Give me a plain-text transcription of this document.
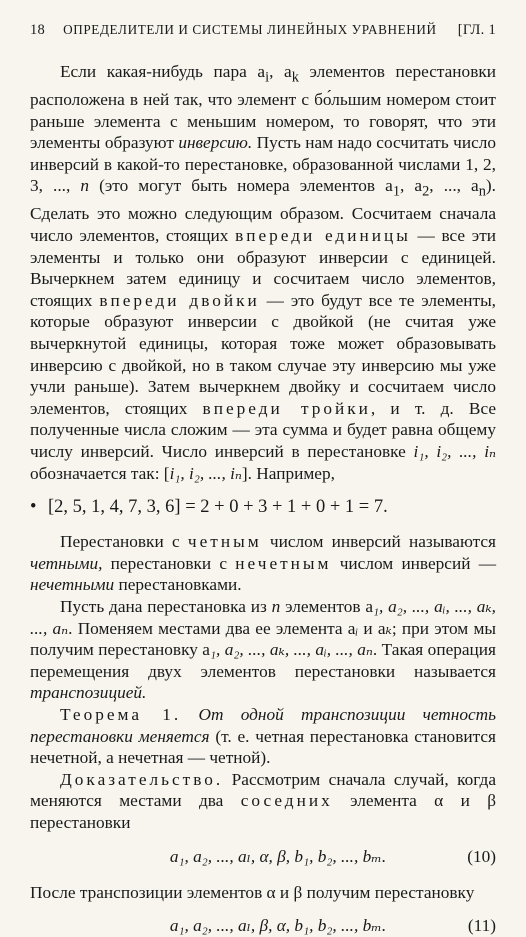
18 ОПРЕДЕЛИТЕЛИ И СИСТЕМЫ ЛИНЕЙНЫХ УРАВНЕНИЙ	[ГЛ. 1

Если какая-нибудь пара $a_i$, $a_k$ элементов перестановки расположена в ней так, что элемент с бо́льшим номером стоит раньше элемента с меньшим номером, то говорят, что эти элементы образуют инверсию. Пусть нам надо сосчитать число инверсий в какой-то перестановке, образованной числами 1, 2, 3, ..., n (это могут быть номера элементов $a_1$, $a_2$, ..., $a_n$). Сделать это можно следующим образом. Сосчитаем сначала число элементов, стоящих впереди единицы — все эти элементы и только они образуют инверсии с единицей. Вычеркнем затем единицу и сосчитаем число элементов, стоящих впереди двойки — это будут все те элементы, которые образуют инверсии с двойкой (не считая уже вычеркнутой единицы, которая тоже может образовывать инверсию с двойкой, но в таком случае эту инверсию мы уже учли раньше). Затем вычеркнем двойку и сосчитаем число элементов, стоящих впереди тройки, и т. д. Все полученные числа сложим — эта сумма и будет равна общему числу инверсий. Число инверсий в перестановке i₁, i₂, ..., iₙ обозначается так: [i₁, i₂, ..., iₙ]. Например,

• [2, 5, 1, 4, 7, 3, 6] = 2 + 0 + 3 + 1 + 0 + 1 = 7.

Перестановки с четным числом инверсий называются четными, перестановки с нечетным числом инверсий — нечетными перестановками.

Пусть дана перестановка из n элементов a₁, a₂, ..., aᵢ, ..., aₖ, ..., aₙ. Поменяем местами два ее элемента aᵢ и aₖ; при этом мы получим перестановку a₁, a₂, ..., aₖ, ..., aᵢ, ..., aₙ. Такая операция перемещения двух элементов перестановки называется транспозицией.

Теорема 1. От одной транспозиции четность перестановки меняется (т. е. четная перестановка становится нечетной, а нечетная — четной).

Доказательство. Рассмотрим сначала случай, когда меняются местами два соседних элемента α и β перестановки

a₁, a₂, ..., aₗ, α, β, b₁, b₂, ..., bₘ.	(10)

После транспозиции элементов α и β получим перестановку

a₁, a₂, ..., aₗ, β, α, b₁, b₂, ..., bₘ.	(11)
